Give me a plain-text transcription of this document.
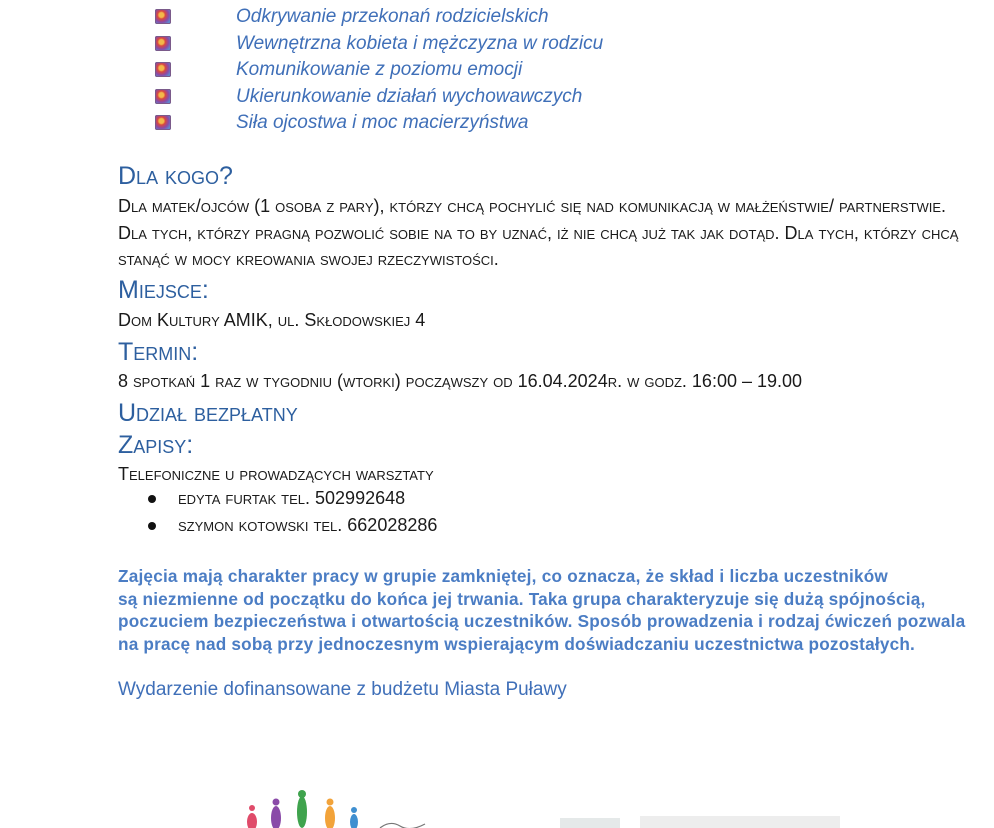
Odkrywanie przekonań rodzicielskich
Wewnętrzna kobieta i mężczyzna w rodzicu
Komunikowanie z poziomu emocji
Ukierunkowanie działań wychowawczych
Siła ojcostwa i moc macierzyństwa
Dla kogo?
Dla matek/ojców (1 osoba z pary), którzy chcą pochylić się nad komunikacją w małżeństwie/ partnerstwie.
Dla tych, którzy pragną pozwolić sobie na to by uznać, iż nie chcą już tak jak dotąd. Dla tych, którzy chcą
stanąć w mocy kreowania swojej rzeczywistości.
Miejsce:
Dom Kultury AMIK, ul. Skłodowskiej 4
Termin:
8 spotkań 1 raz w tygodniu (wtorki) począwszy od 16.04.2024r. w godz. 16:00 – 19.00
Udział bezpłatny
Zapisy:
Telefoniczne u prowadzących warsztaty
edyta furtak tel. 502992648
szymon kotowski tel. 662028286
Zajęcia mają charakter pracy w grupie zamkniętej, co oznacza, że skład i liczba uczestników
są niezmienne od początku do końca jej trwania. Taka grupa charakteryzuje się dużą spójnością,
poczuciem bezpieczeństwa i otwartością uczestników. Sposób prowadzenia i rodzaj ćwiczeń pozwala
na pracę nad sobą przy jednoczesnym wspierającym doświadczaniu uczestnictwa pozostałych.
Wydarzenie dofinansowane z budżetu Miasta Puławy
